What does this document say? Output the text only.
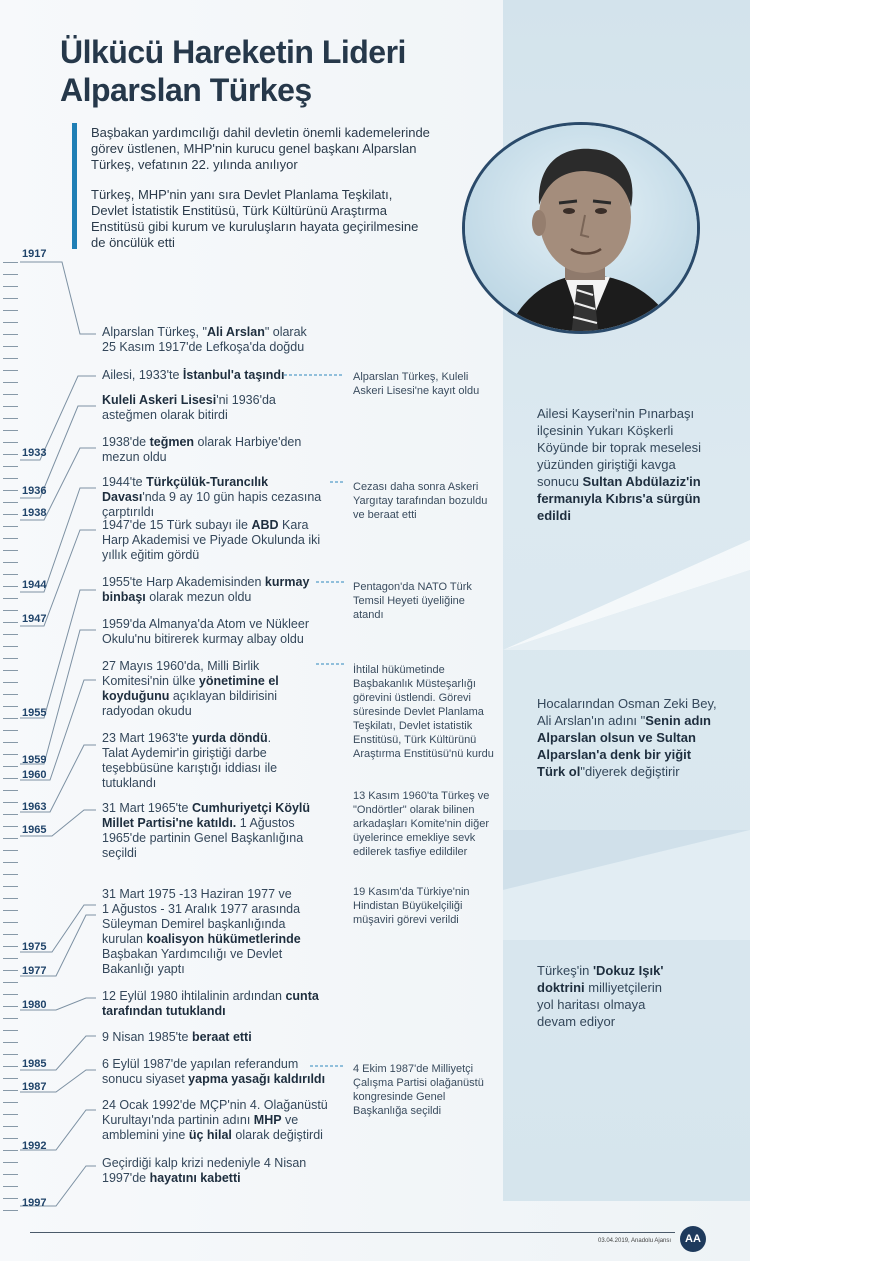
Ülkücü Hareketin Lideri
Alparslan Türkeş

Başbakan yardımcılığı dahil devletin önemli kademelerinde görev üstlenen, MHP'nin kurucu genel başkanı Alparslan Türkeş, vefatının 22. yılında anılıyor

Türkeş, MHP'nin yanı sıra Devlet Planlama Teşkilatı, Devlet İstatistik Enstitüsü, Türk Kültürünü Araştırma Enstitüsü gibi kurum ve kuruluşların hayata geçirilmesine de öncülük etti

1917
1933
1936
1938
1944
1947
1955
1959
1960
1963
1965
1975
1977
1980
1985
1987
1992
1997
Alparslan Türkeş, "Ali Arslan" olarak 25 Kasım 1917'de Lefkoşa'da doğdu
Ailesi, 1933'te İstanbul'a taşındı
Kuleli Askeri Lisesi'ni 1936'da asteğmen olarak bitirdi
1938'de teğmen olarak Harbiye'den mezun oldu
1944'te Türkçülük-Turancılık Davası'nda 9 ay 10 gün hapis cezasına çarptırıldı
1947'de 15 Türk subayı ile ABD Kara Harp Akademisi ve Piyade Okulunda iki yıllık eğitim gördü
1955'te Harp Akademisinden kurmay binbaşı olarak mezun oldu
1959'da Almanya'da Atom ve Nükleer Okulu'nu bitirerek kurmay albay oldu
27 Mayıs 1960'da, Milli Birlik Komitesi'nin ülke yönetimine el koyduğunu açıklayan bildirisini radyodan okudu
23 Mart 1963'te yurda döndü. Talat Aydemir'in giriştiği darbe teşebbüsüne karıştığı iddiası ile tutuklandı
31 Mart 1965'te Cumhuriyetçi Köylü Millet Partisi'ne katıldı. 1 Ağustos 1965'de partinin Genel Başkanlığına seçildi
31 Mart 1975 -13 Haziran 1977 ve 1 Ağustos - 31 Aralık 1977 arasında Süleyman Demirel başkanlığında kurulan koalisyon hükümetlerinde Başbakan Yardımcılığı ve Devlet Bakanlığı yaptı
12 Eylül 1980 ihtilalinin ardından cunta tarafından tutuklandı
9 Nisan 1985'te beraat etti
6 Eylül 1987'de yapılan referandum sonucu siyaset yapma yasağı kaldırıldı
24 Ocak 1992'de MÇP'nin 4. Olağanüstü Kurultayı'nda partinin adını MHP ve amblemini yine üç hilal olarak değiştirdi
Geçirdiği kalp krizi nedeniyle 4 Nisan 1997'de hayatını kabetti
Alparslan Türkeş, Kuleli Askeri Lisesi'ne kayıt oldu
Cezası daha sonra Askeri Yargıtay tarafından bozuldu ve beraat etti
Pentagon'da NATO Türk Temsil Heyeti üyeliğine atandı
İhtilal hükümetinde Başbakanlık Müsteşarlığı görevini üstlendi. Görevi süresinde Devlet Planlama Teşkilatı, Devlet istatistik Enstitüsü, Türk Kültürünü Araştırma Enstitüsü'nü kurdu
13 Kasım 1960'ta Türkeş ve "Ondörtler" olarak bilinen arkadaşları Komite'nin diğer üyelerince emekliye sevk edilerek tasfiye edildiler
19 Kasım'da Türkiye'nin Hindistan Büyükelçiliği müşaviri görevi verildi
4 Ekim 1987'de Milliyetçi Çalışma Partisi olağanüstü kongresinde Genel Başkanlığa seçildi
Ailesi Kayseri'nin Pınarbaşı ilçesinin Yukarı Köşkerli Köyünde bir toprak meselesi yüzünden giriştiği kavga sonucu Sultan Abdülaziz'in fermanıyla Kıbrıs'a sürgün edildi
Hocalarından Osman Zeki Bey, Ali Arslan'ın adını "Senin adın Alparslan olsun ve Sultan Alparslan'a denk bir yiğit Türk ol"diyerek değiştirir
Türkeş'in 'Dokuz Işık' doktrini milliyetçilerin yol haritası olmaya devam ediyor
03.04.2019, Anadolu Ajansı	AA
